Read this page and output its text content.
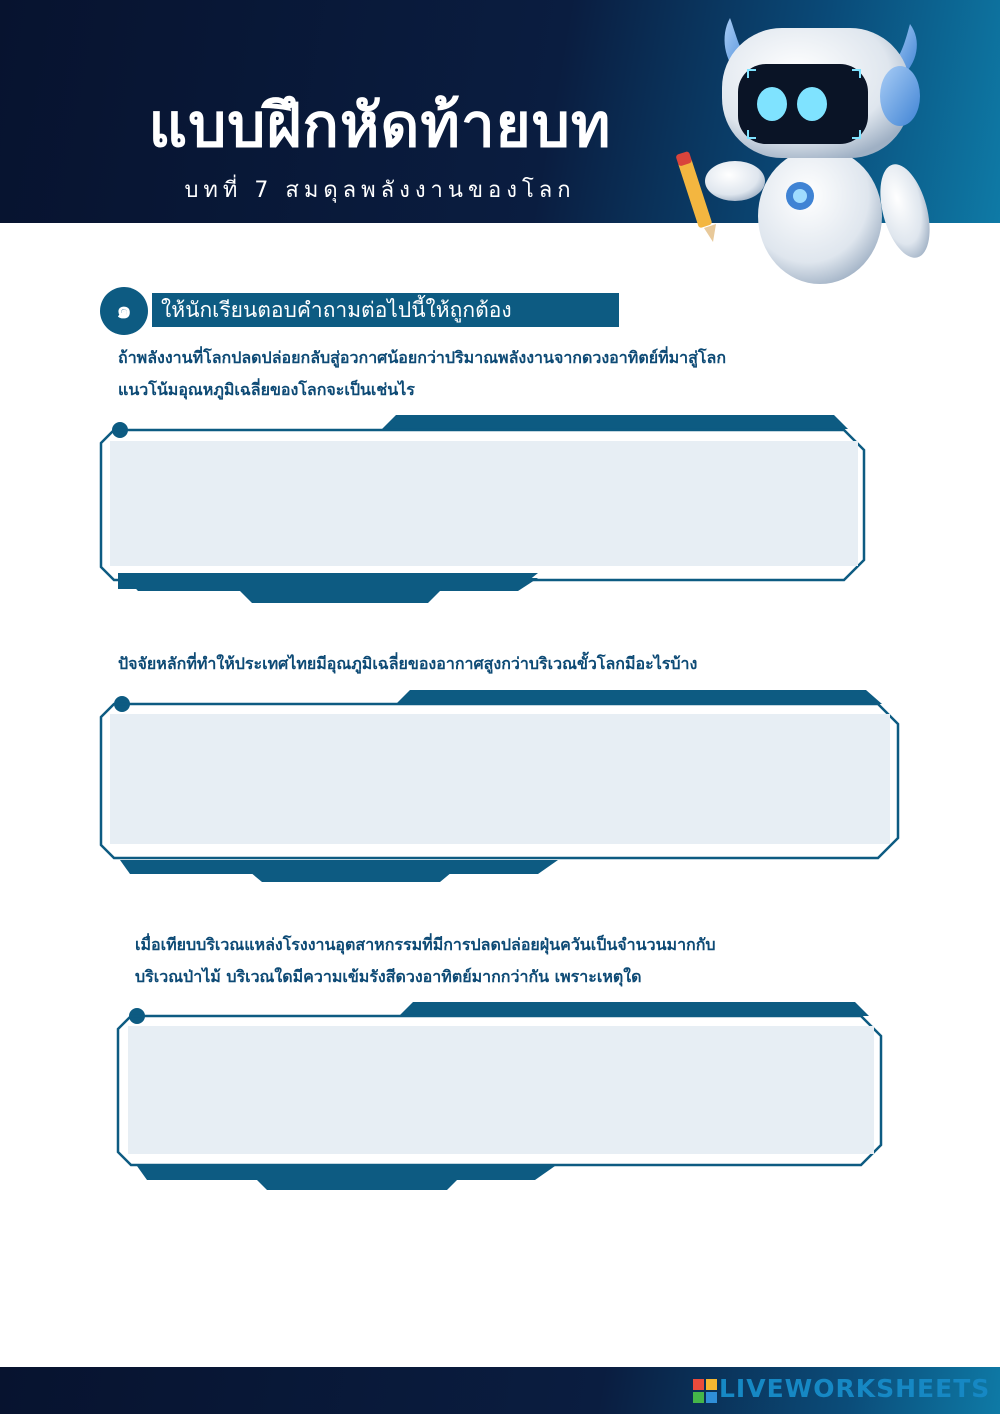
แบบฝึกหัดท้ายบท
บทที่ 7 สมดุลพลังงานของโลก
๑	ให้นักเรียนตอบคำถามต่อไปนี้ให้ถูกต้อง
ถ้าพลังงานที่โลกปลดปล่อยกลับสู่อวกาศน้อยกว่าปริมาณพลังงานจากดวงอาทิตย์ที่มาสู่โลก
แนวโน้มอุณหภูมิเฉลี่ยของโลกจะเป็นเช่นไร
ปัจจัยหลักที่ทำให้ประเทศไทยมีอุณภูมิเฉลี่ยของอากาศสูงกว่าบริเวณขั้วโลกมีอะไรบ้าง
เมื่อเทียบบริเวณแหล่งโรงงานอุตสาหกรรมที่มีการปลดปล่อยฝุ่นควันเป็นจำนวนมากกับ
บริเวณป่าไม้ บริเวณใดมีความเข้มรังสีดวงอาทิตย์มากกว่ากัน เพราะเหตุใด
LIVEWORKSHEETS
